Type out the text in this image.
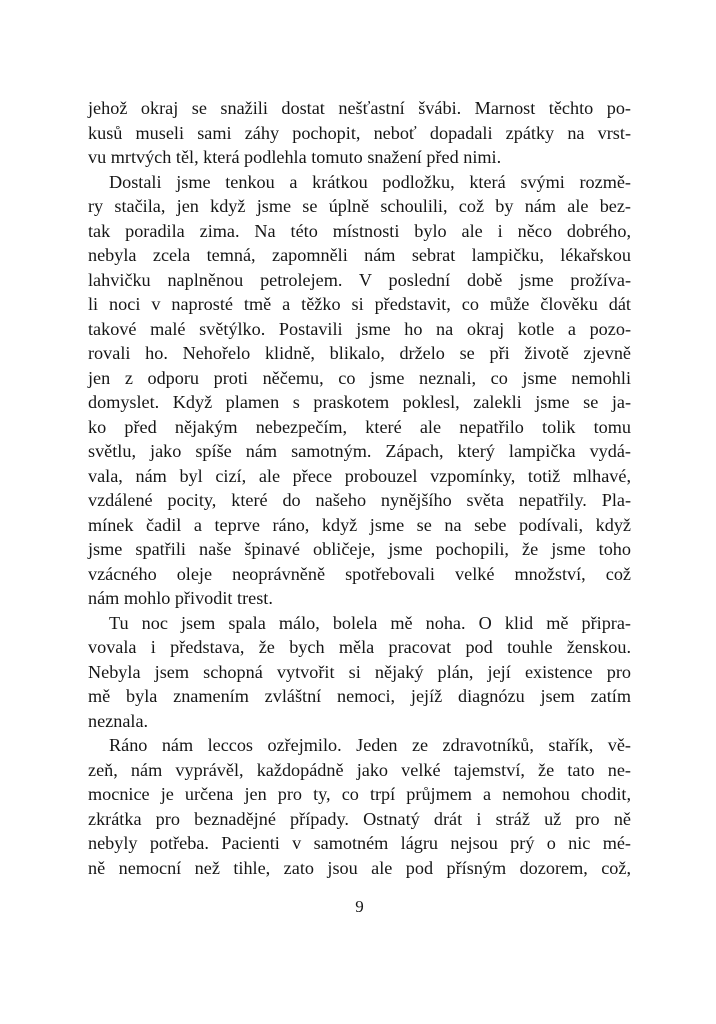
jehož okraj se snažili dostat nešťastní švábi. Marnost těchto po-
kusů museli sami záhy pochopit, neboť dopadali zpátky na vrst-
vu mrtvých těl, která podlehla tomuto snažení před nimi.
Dostali jsme tenkou a krátkou podložku, která svými rozmě-
ry stačila, jen když jsme se úplně schoulili, což by nám ale bez-
tak poradila zima. Na této místnosti bylo ale i něco dobrého,
nebyla zcela temná, zapomněli nám sebrat lampičku, lékařskou
lahvičku naplněnou petrolejem. V poslední době jsme prožíva-
li noci v naprosté tmě a těžko si představit, co může člověku dát
takové malé světýlko. Postavili jsme ho na okraj kotle a pozo-
rovali ho. Nehořelo klidně, blikalo, drželo se při životě zjevně
jen z odporu proti něčemu, co jsme neznali, co jsme nemohli
domyslet. Když plamen s praskotem poklesl, zalekli jsme se ja-
ko před nějakým nebezpečím, které ale nepatřilo tolik tomu
světlu, jako spíše nám samotným. Zápach, který lampička vydá-
vala, nám byl cizí, ale přece probouzel vzpomínky, totiž mlhavé,
vzdálené pocity, které do našeho nynějšího světa nepatřily. Pla-
mínek čadil a teprve ráno, když jsme se na sebe podívali, když
jsme spatřili naše špinavé obličeje, jsme pochopili, že jsme toho
vzácného oleje neoprávněně spotřebovali velké množství, což
nám mohlo přivodit trest.
Tu noc jsem spala málo, bolela mě noha. O klid mě připra-
vovala i představa, že bych měla pracovat pod touhle ženskou.
Nebyla jsem schopná vytvořit si nějaký plán, její existence pro
mě byla znamením zvláštní nemoci, jejíž diagnózu jsem zatím
neznala.
Ráno nám leccos ozřejmilo. Jeden ze zdravotníků, stařík, vě-
zeň, nám vyprávěl, každopádně jako velké tajemství, že tato ne-
mocnice je určena jen pro ty, co trpí průjmem a nemohou chodit,
zkrátka pro beznadějné případy. Ostnatý drát i stráž už pro ně
nebyly potřeba. Pacienti v samotném lágru nejsou prý o nic mé-
ně nemocní než tihle, zato jsou ale pod přísným dozorem, což,
9
